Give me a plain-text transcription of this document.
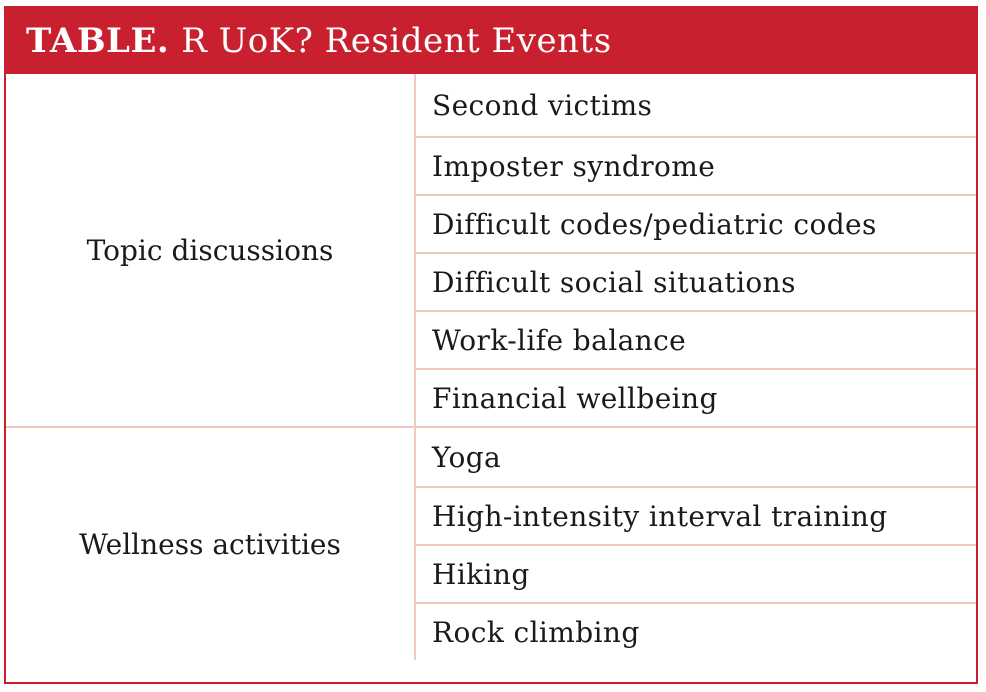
TABLE. R UoK? Resident Events
Topic discussions
Second victims
Imposter syndrome
Difficult codes/pediatric codes
Difficult social situations
Work-life balance
Financial wellbeing
Wellness activities
Yoga
High-intensity interval training
Hiking
Rock climbing
